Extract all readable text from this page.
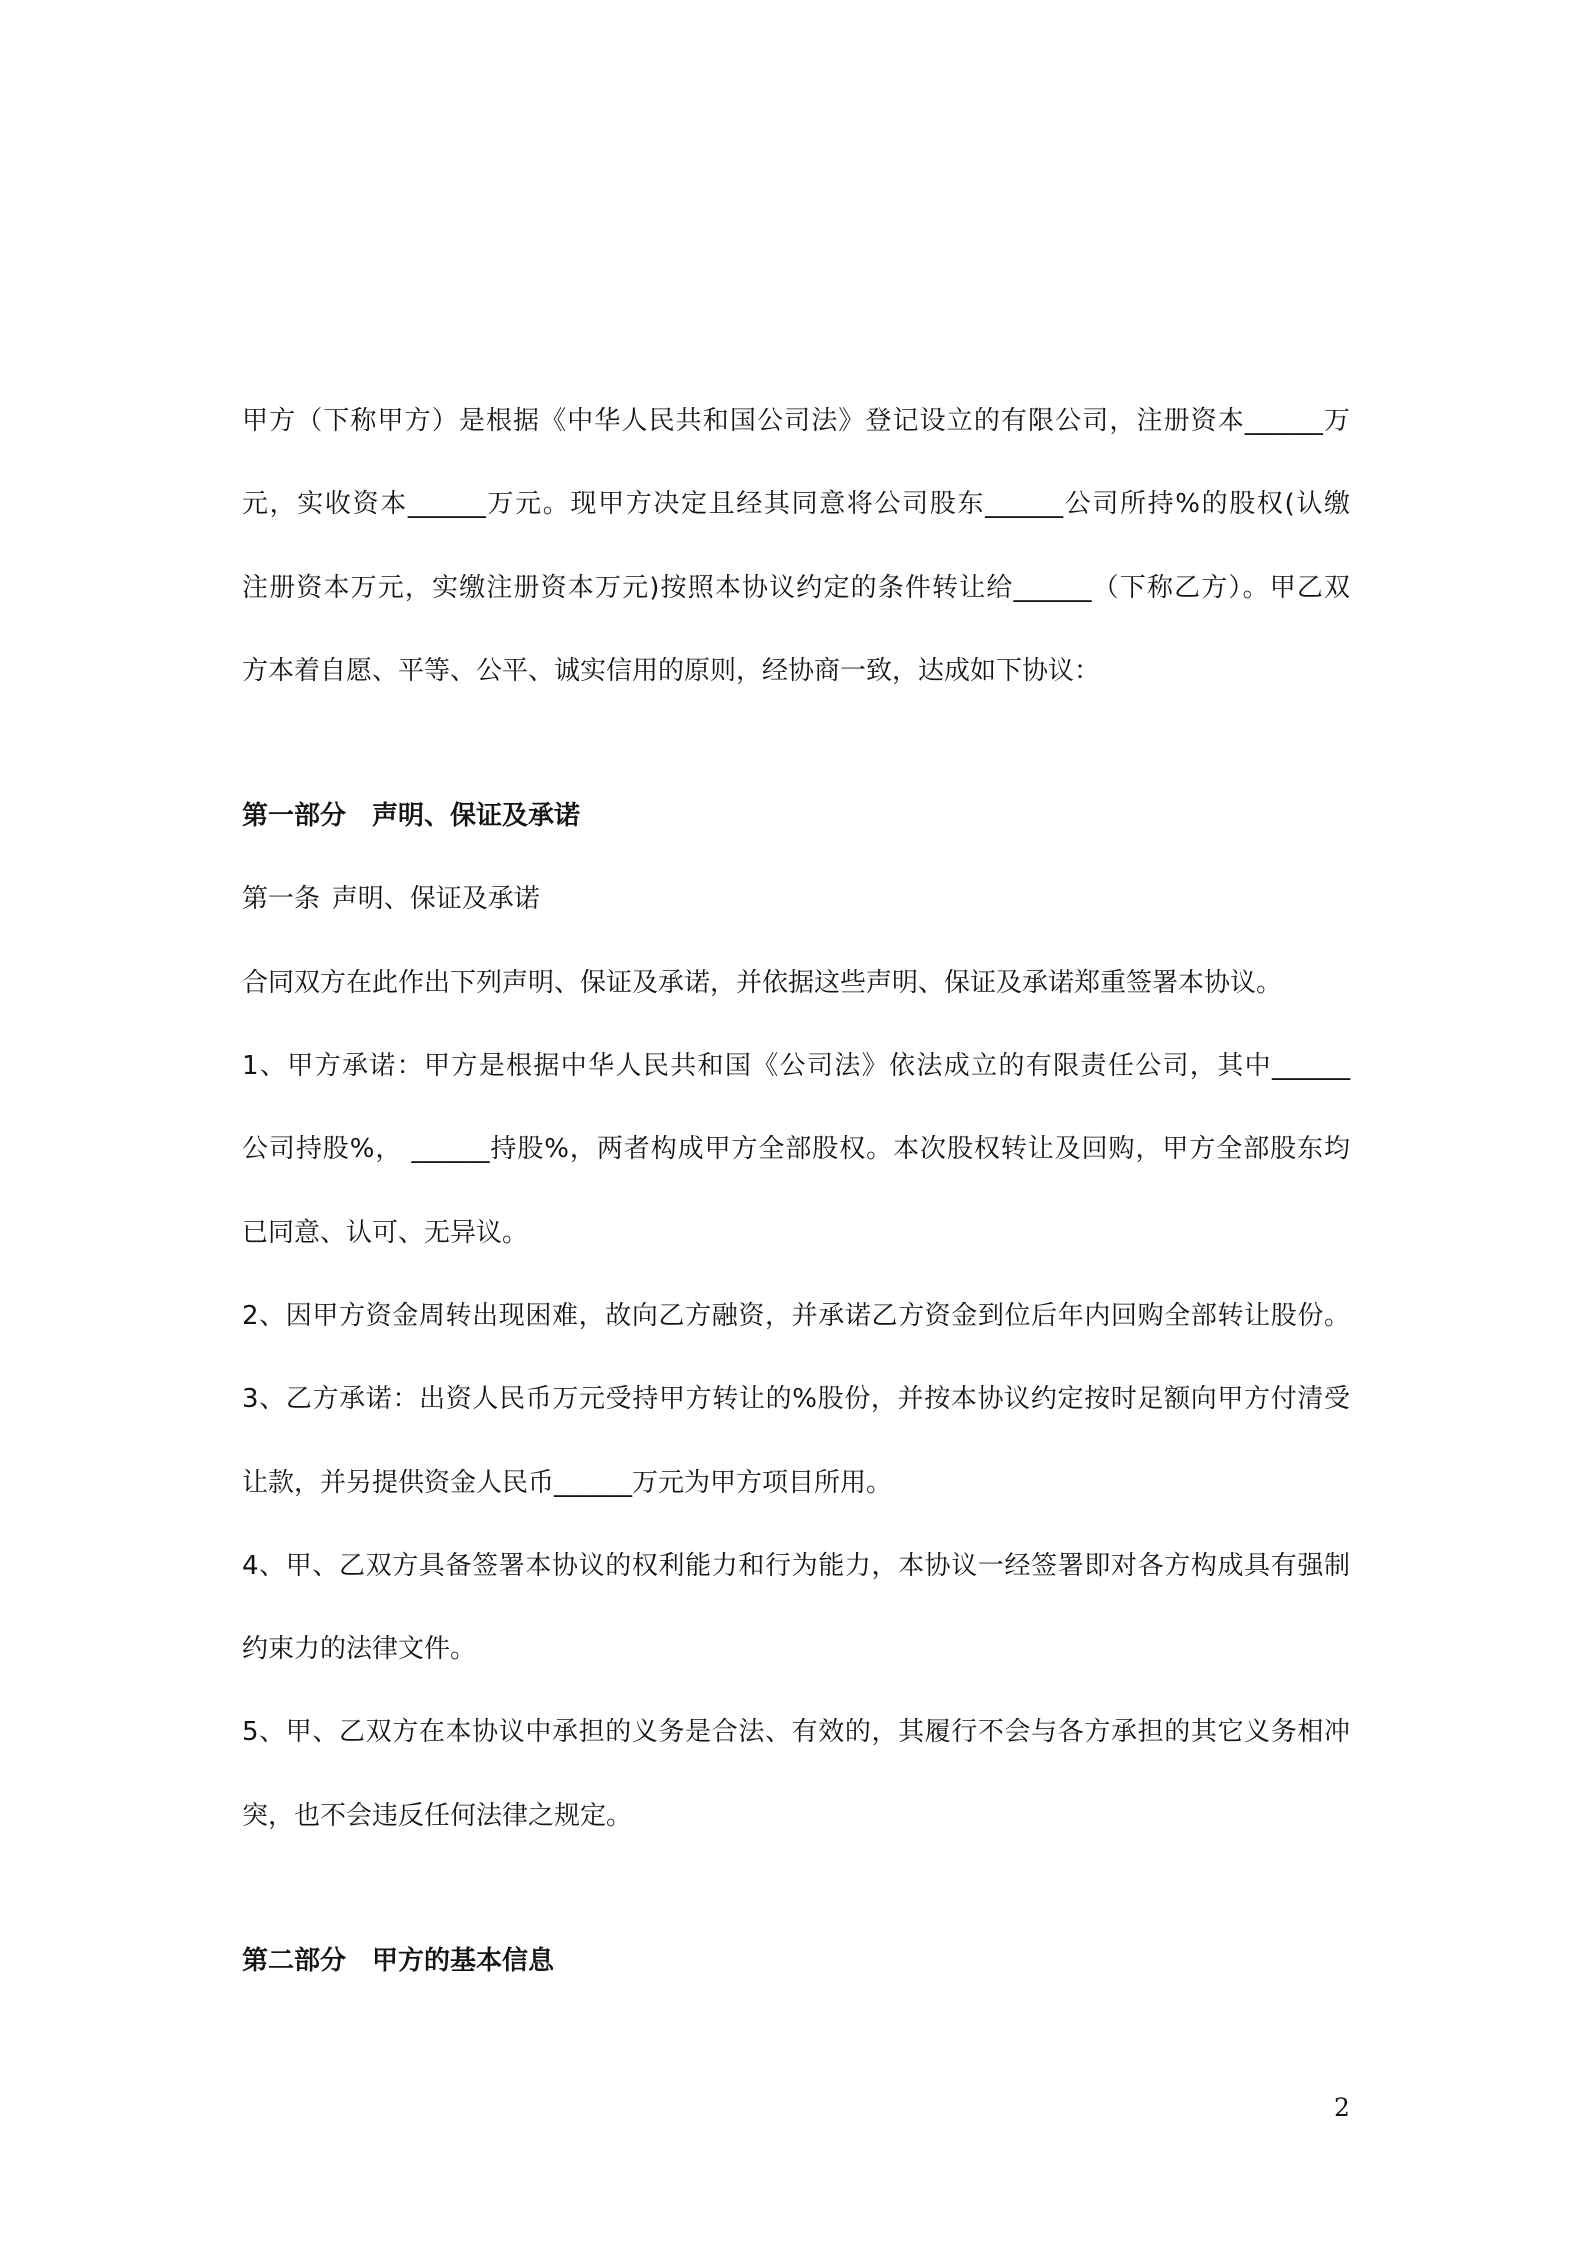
甲方（下称甲方）是根据《中华人民共和国公司法》登记设立的有限公司，注册资本______万
元，实收资本______万元。现甲方决定且经其同意将公司股东______公司所持%的股权(认缴
注册资本万元，实缴注册资本万元)按照本协议约定的条件转让给______（下称乙方）。甲乙双
方本着自愿、平等、公平、诚实信用的原则，经协商一致，达成如下协议：
第一部分 声明、保证及承诺
第一条 声明、保证及承诺
合同双方在此作出下列声明、保证及承诺，并依据这些声明、保证及承诺郑重签署本协议。
1、甲方承诺：甲方是根据中华人民共和国《公司法》依法成立的有限责任公司，其中______
公司持股%， ______持股%，两者构成甲方全部股权。本次股权转让及回购，甲方全部股东均
已同意、认可、无异议。
2、因甲方资金周转出现困难，故向乙方融资，并承诺乙方资金到位后年内回购全部转让股份。
3、乙方承诺：出资人民币万元受持甲方转让的%股份，并按本协议约定按时足额向甲方付清受
让款，并另提供资金人民币______万元为甲方项目所用。
4、甲、乙双方具备签署本协议的权利能力和行为能力，本协议一经签署即对各方构成具有强制
约束力的法律文件。
5、甲、乙双方在本协议中承担的义务是合法、有效的，其履行不会与各方承担的其它义务相冲
突，也不会违反任何法律之规定。
第二部分 甲方的基本信息
2
